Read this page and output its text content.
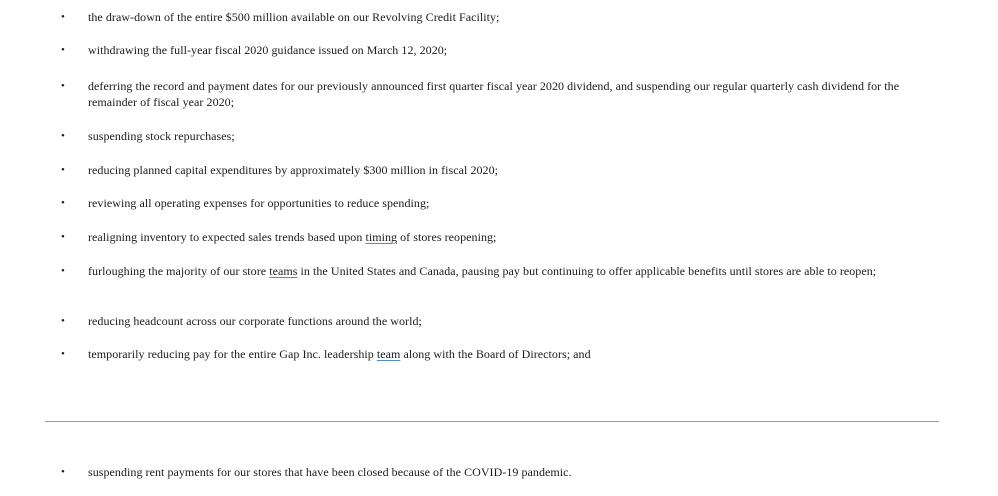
• the draw-down of the entire $500 million available on our Revolving Credit Facility;
• withdrawing the full-year fiscal 2020 guidance issued on March 12, 2020;
• deferring the record and payment dates for our previously announced first quarter fiscal year 2020 dividend, and suspending our regular quarterly cash dividend for the remainder of fiscal year 2020;
• suspending stock repurchases;
• reducing planned capital expenditures by approximately $300 million in fiscal 2020;
• reviewing all operating expenses for opportunities to reduce spending;
• realigning inventory to expected sales trends based upon timing of stores reopening;
• furloughing the majority of our store teams in the United States and Canada, pausing pay but continuing to offer applicable benefits until stores are able to reopen;
• reducing headcount across our corporate functions around the world;
• temporarily reducing pay for the entire Gap Inc. leadership team along with the Board of Directors; and
• suspending rent payments for our stores that have been closed because of the COVID-19 pandemic.
